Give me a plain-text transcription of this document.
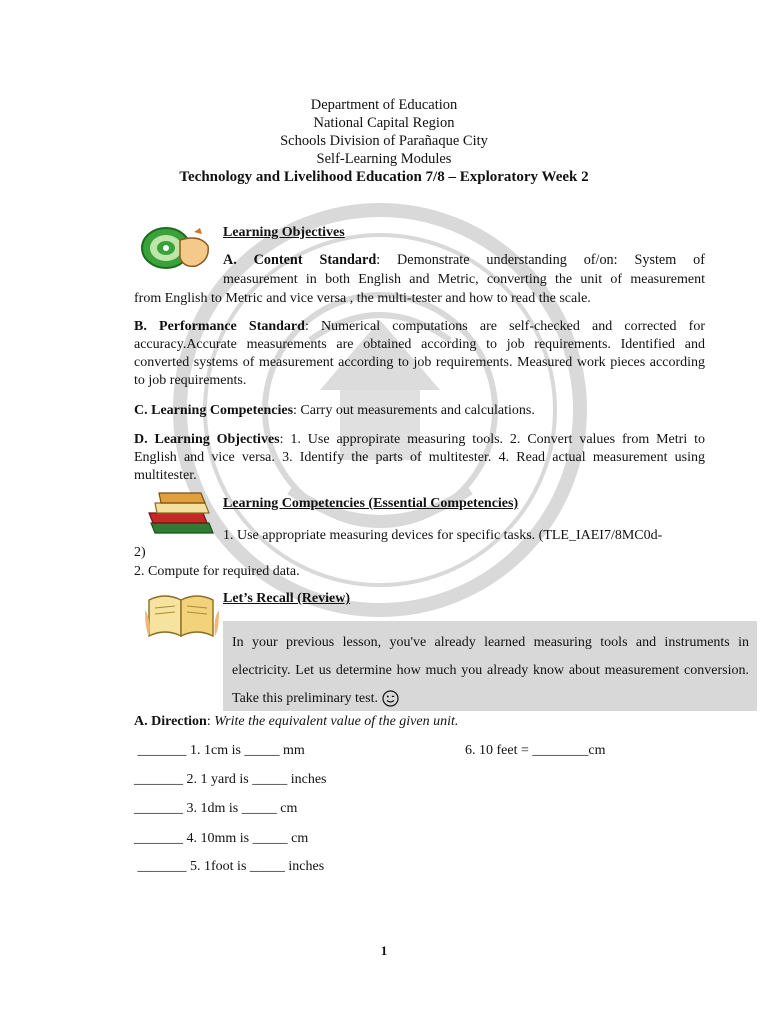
Department of Education
National Capital Region
Schools Division of Parañaque City
Self-Learning Modules
Technology and Livelihood Education 7/8 – Exploratory Week 2
Learning Objectives
A. Content Standard: Demonstrate understanding of/on: System of
measurement in both English and Metric, converting the unit of measurement
from English to Metric and vice versa , the multi-tester and how to read the scale.
B. Performance Standard: Numerical computations are self-checked and corrected for accuracy.Accurate measurements are obtained according to job requirements. Identified and converted systems of measurement according to job requirements. Measured work pieces according to job requirements.
C. Learning Competencies: Carry out measurements and calculations.
D. Learning Objectives: 1. Use appropirate measuring tools. 2. Convert values from Metri to English and vice versa. 3. Identify the parts of multitester. 4. Read actual measurement using multitester.
Learning Competencies (Essential Competencies)
1. Use appropriate measuring devices for specific tasks. (TLE_IAEI7/8MC0d-
2)
2. Compute for required data.
Let’s Recall (Review)

In your previous lesson, you've already learned measuring tools and instruments in electricity. Let us determine how much you already know about measurement conversion. Take this preliminary test.

A. Direction: Write the equivalent value of the given unit.
_______ 1. 1cm is _____ mm	6. 10 feet = ________cm
_______ 2. 1 yard is _____ inches
_______ 3. 1dm is _____ cm
_______ 4. 10mm is _____ cm
_______ 5. 1foot is _____ inches
1
